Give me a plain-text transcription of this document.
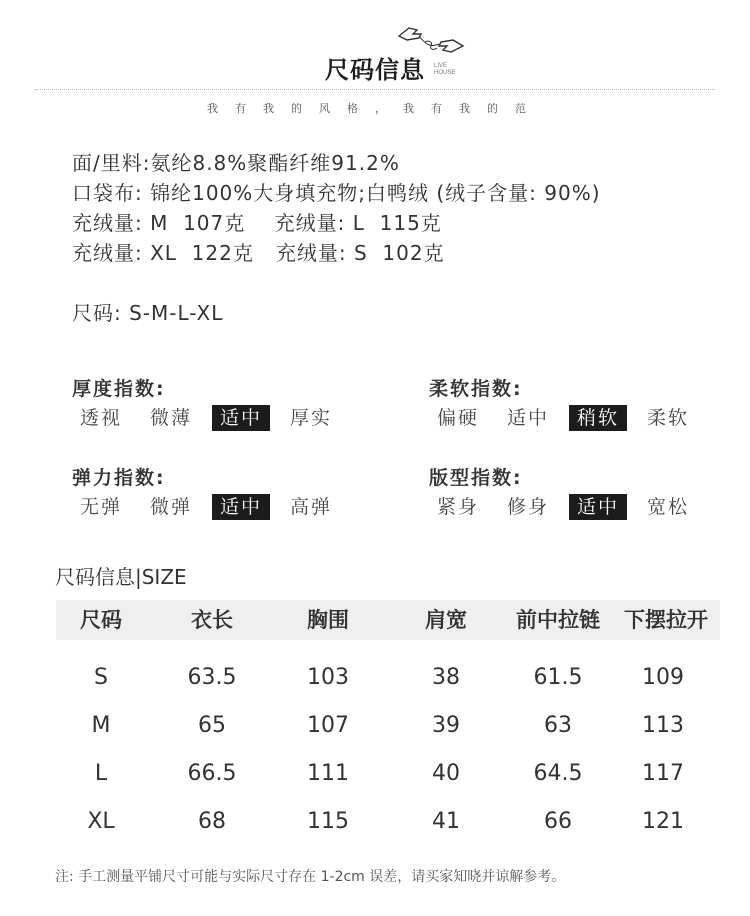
尺码信息	LIVE
HOUSE
我有我的风格，我有我的范
面/里料:氨纶8.8%聚酯纤维91.2%
口袋布: 锦纶100%大身填充物;白鸭绒 (绒子含量: 90%)
充绒量: M  107克    充绒量: L  115克
充绒量: XL  122克   充绒量: S  102克
尺码: S-M-L-XL
厚度指数:
透视	微薄	适中	厚实
柔软指数:
偏硬	适中	稍软	柔软
弹力指数:
无弹	微弹	适中	高弹
版型指数:
紧身	修身	适中	宽松
尺码信息|SIZE
尺码	衣长	胸围	肩宽	前中拉链	下摆拉开
S	63.5	103	38	61.5	109
M	65	107	39	63	113
L	66.5	111	40	64.5	117
XL	68	115	41	66	121
注: 手工测量平铺尺寸可能与实际尺寸存在 1-2cm 误差，请买家知晓并谅解参考。
